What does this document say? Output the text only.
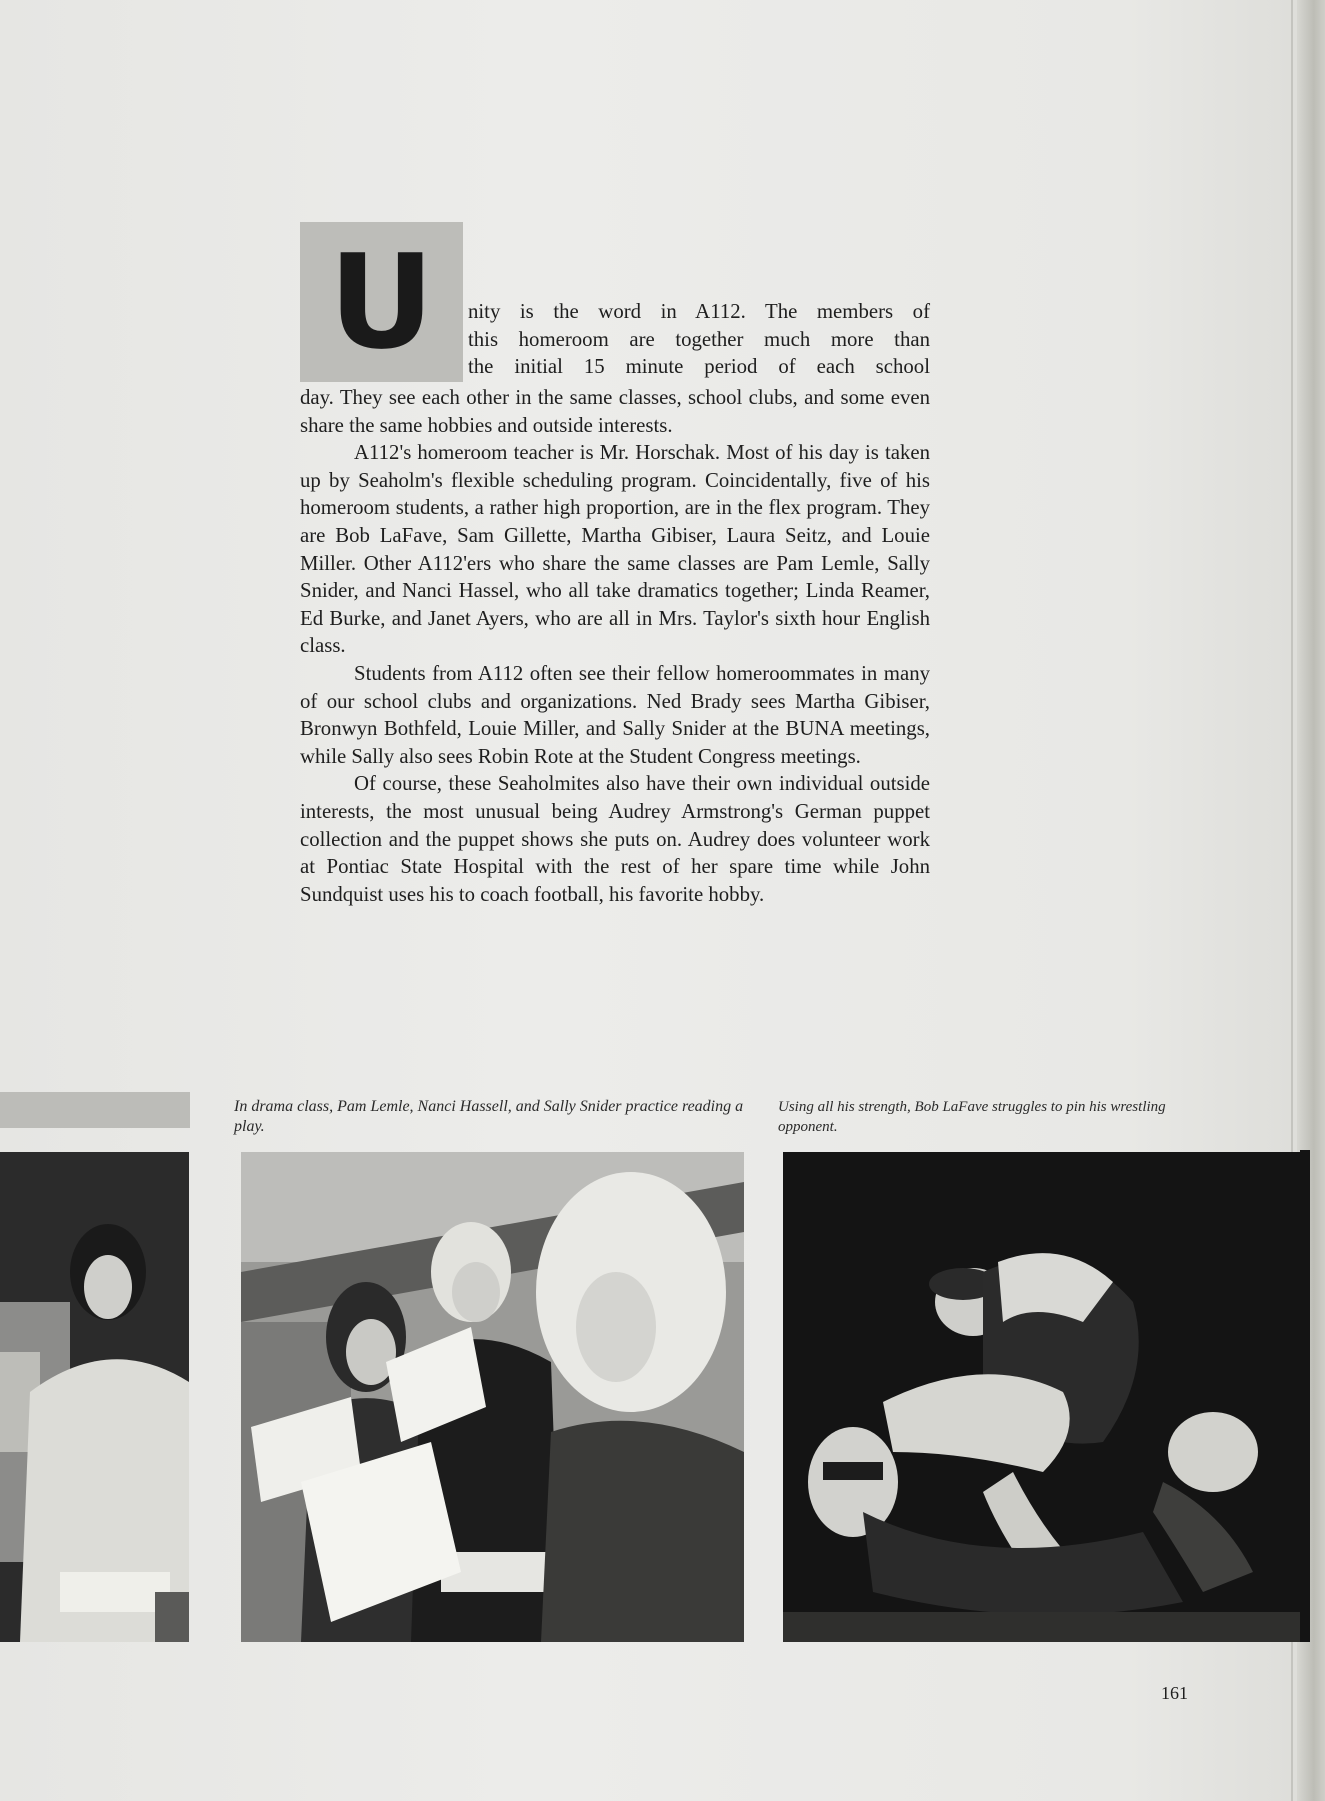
U	nity is the word in A112. The members of
this homeroom are together much more than
the initial 15 minute period of each school

day. They see each other in the same classes, school clubs, and some even share the same hobbies and outside interests.

A112's homeroom teacher is Mr. Horschak. Most of his day is taken up by Seaholm's flexible scheduling program. Coincidentally, five of his homeroom students, a rather high proportion, are in the flex program. They are Bob LaFave, Sam Gillette, Martha Gibiser, Laura Seitz, and Louie Miller. Other A112'ers who share the same classes are Pam Lemle, Sally Snider, and Nanci Hassel, who all take dramatics together; Linda Reamer, Ed Burke, and Janet Ayers, who are all in Mrs. Taylor's sixth hour English class.

Students from A112 often see their fellow homeroommates in many of our school clubs and organizations. Ned Brady sees Martha Gibiser, Bronwyn Bothfeld, Louie Miller, and Sally Snider at the BUNA meetings, while Sally also sees Robin Rote at the Student Congress meetings.

Of course, these Seaholmites also have their own individual outside interests, the most unusual being Audrey Armstrong's German puppet collection and the puppet shows she puts on. Audrey does volunteer work at Pontiac State Hospital with the rest of her spare time while John Sundquist uses his to coach football, his favorite hobby.

In drama class, Pam Lemle, Nanci Hassell, and Sally Snider practice reading a play.
Using all his strength, Bob LaFave struggles to pin his wrestling opponent.
161
